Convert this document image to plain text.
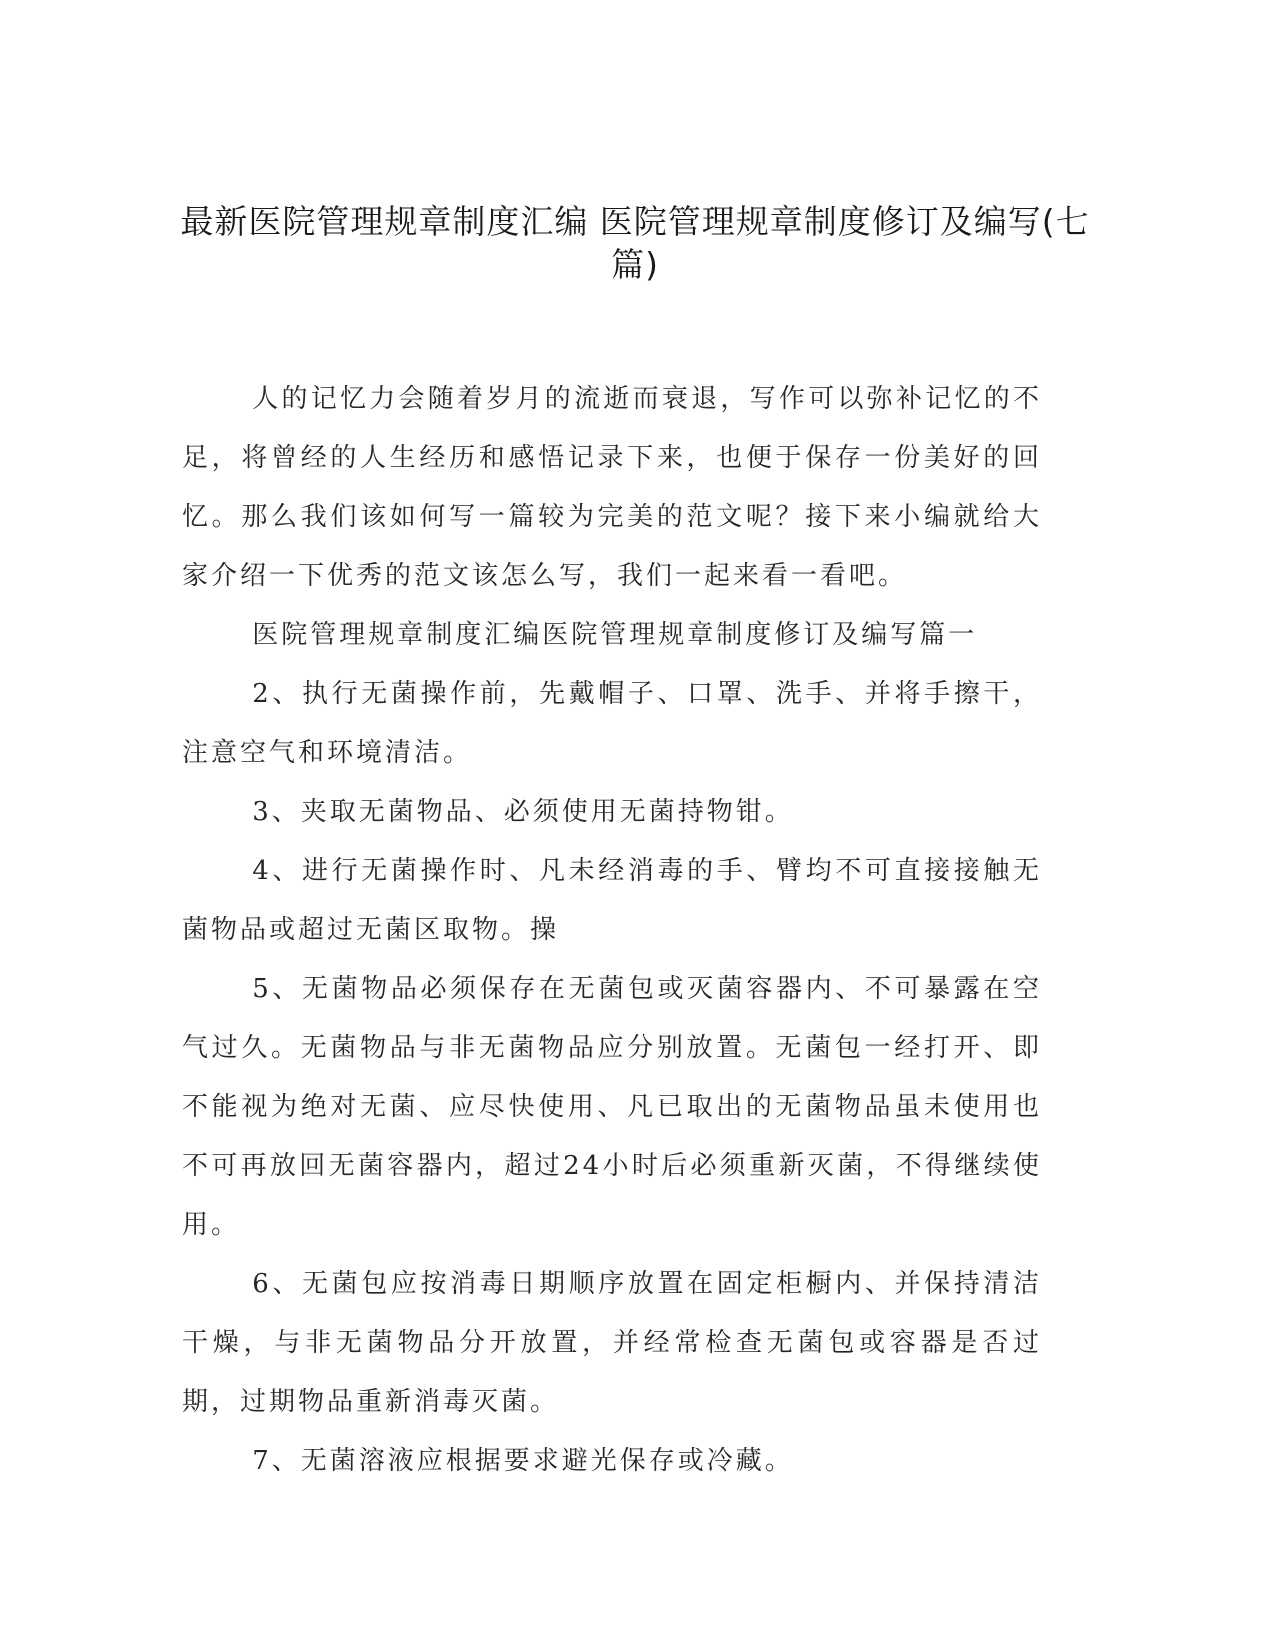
最新医院管理规章制度汇编 医院管理规章制度修订及编写(七篇)

人的记忆力会随着岁月的流逝而衰退，写作可以弥补记忆的不足，将曾经的人生经历和感悟记录下来，也便于保存一份美好的回忆。那么我们该如何写一篇较为完美的范文呢？接下来小编就给大家介绍一下优秀的范文该怎么写，我们一起来看一看吧。

医院管理规章制度汇编医院管理规章制度修订及编写篇一

2、执行无菌操作前，先戴帽子、口罩、洗手、并将手擦干，注意空气和环境清洁。

3、夹取无菌物品、必须使用无菌持物钳。

4、进行无菌操作时、凡未经消毒的手、臂均不可直接接触无菌物品或超过无菌区取物。操

5、无菌物品必须保存在无菌包或灭菌容器内、不可暴露在空气过久。无菌物品与非无菌物品应分别放置。无菌包一经打开、即不能视为绝对无菌、应尽快使用、凡已取出的无菌物品虽未使用也不可再放回无菌容器内，超过24小时后必须重新灭菌，不得继续使用。

6、无菌包应按消毒日期顺序放置在固定柜橱内、并保持清洁干燥，与非无菌物品分开放置，并经常检查无菌包或容器是否过期，过期物品重新消毒灭菌。

7、无菌溶液应根据要求避光保存或冷藏。
